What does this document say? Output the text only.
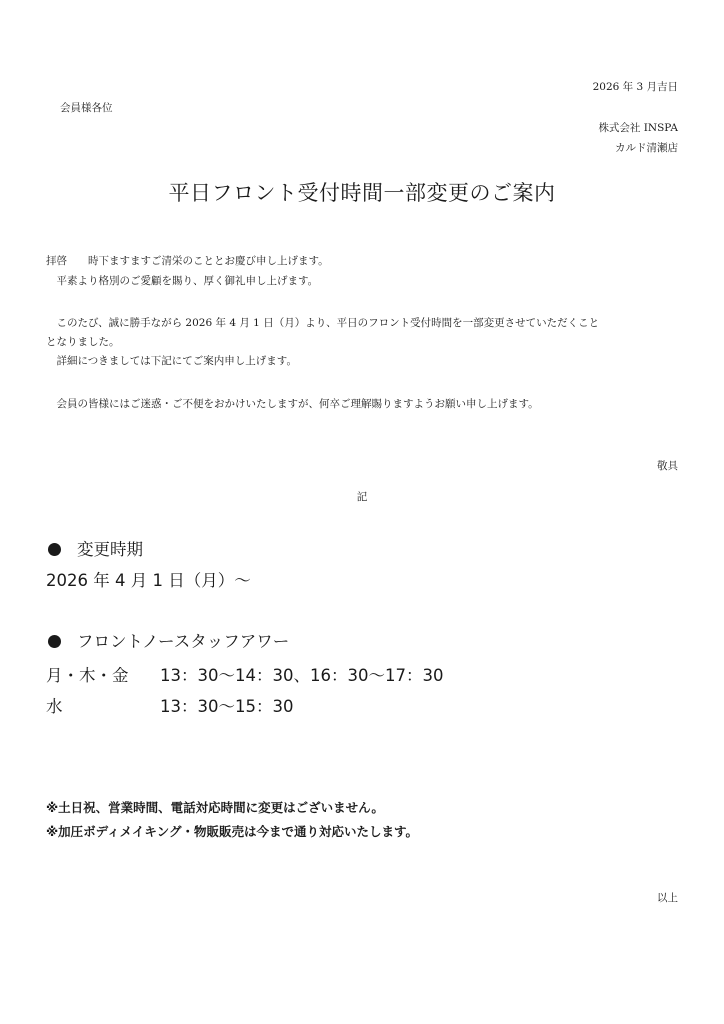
2026 年 3 月吉日
会員様各位
株式会社 INSPA
カルド清瀬店
平日フロント受付時間一部変更のご案内
拝啓　　時下ますますご清栄のこととお慶び申し上げます。
　平素より格別のご愛顧を賜り、厚く御礼申し上げます。
　このたび、誠に勝手ながら 2026 年 4 月 1 日（月）より、平日のフロント受付時間を一部変更させていただくこと
となりました。
　詳細につきましては下記にてご案内申し上げます。
　会員の皆様にはご迷惑・ご不便をおかけいたしますが、何卒ご理解賜りますようお願い申し上げます。
敬具
記
変更時期
2026 年 4 月 1 日（月）〜
フロントノースタッフアワー
月・木・金 13：30〜14：30、16：30〜17：30
水	13：30〜15：30
※土日祝、営業時間、電話対応時間に変更はございません。
※加圧ボディメイキング・物販販売は今まで通り対応いたします。
以上
